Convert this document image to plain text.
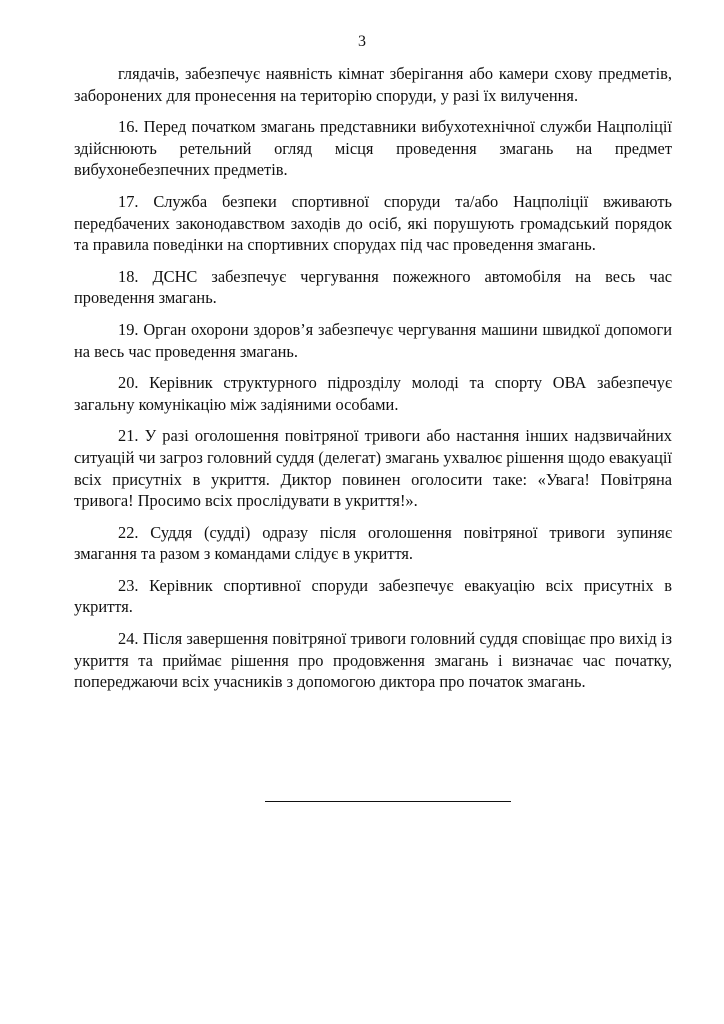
3

глядачів, забезпечує наявність кімнат зберігання або камери схову предметів, заборонених для пронесення на територію споруди, у разі їх вилучення.

16. Перед початком змагань представники вибухотехнічної служби Нацполіції здійснюють ретельний огляд місця проведення змагань на предмет вибухонебезпечних предметів.

17. Служба безпеки спортивної споруди та/або Нацполіції вживають передбачених законодавством заходів до осіб, які порушують громадський порядок та правила поведінки на спортивних спорудах під час проведення змагань.

18. ДСНС забезпечує чергування пожежного автомобіля на весь час проведення змагань.

19. Орган охорони здоров’я забезпечує чергування машини швидкої допомоги на весь час проведення змагань.

20. Керівник структурного підрозділу молоді та спорту ОВА забезпечує загальну комунікацію між задіяними особами.

21. У разі оголошення повітряної тривоги або настання інших надзвичайних ситуацій чи загроз головний суддя (делегат) змагань ухвалює рішення щодо евакуації всіх присутніх в укриття. Диктор повинен оголосити таке: «Увага! Повітряна тривога! Просимо всіх прослідувати в укриття!».

22. Суддя (судді) одразу після оголошення повітряної тривоги зупиняє змагання та разом з командами слідує в укриття.

23. Керівник спортивної споруди забезпечує евакуацію всіх присутніх в укриття.

24. Після завершення повітряної тривоги головний суддя сповіщає про вихід із укриття та приймає рішення про продовження змагань і визначає час початку, попереджаючи всіх учасників з допомогою диктора про початок змагань.
